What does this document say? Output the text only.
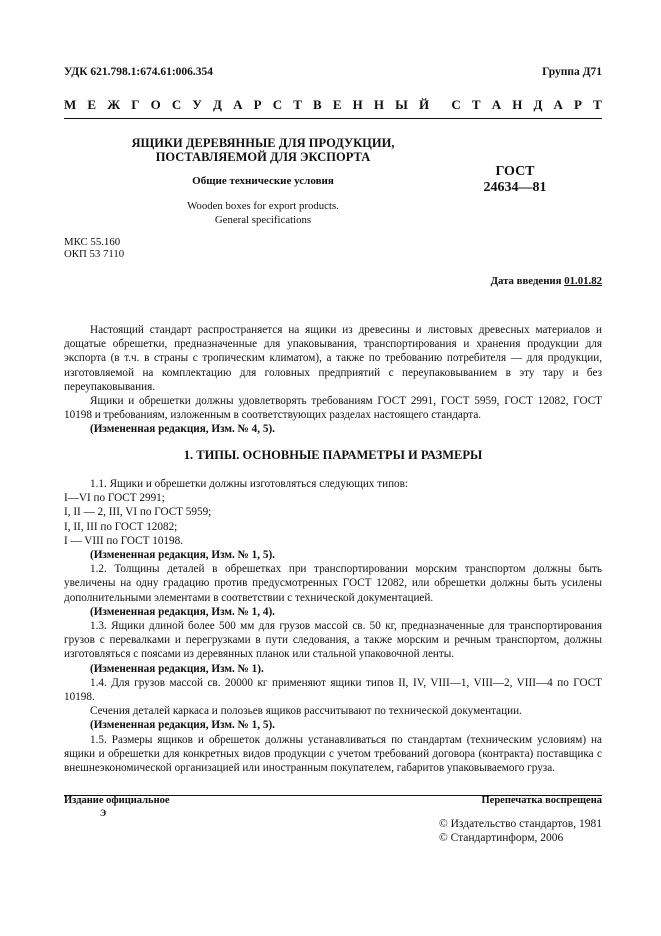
УДК 621.798.1:674.61:006.354	Группа Д71
М Е Ж Г О С У Д А Р С Т В Е Н Н Ы Й С Т А Н Д А Р Т
ЯЩИКИ ДЕРЕВЯННЫЕ ДЛЯ ПРОДУКЦИИ,
ПОСТАВЛЯЕМОЙ ДЛЯ ЭКСПОРТА
Общие технические условия
Wooden boxes for export products.
General specifications
ГОСТ
24634—81
МКС 55.160
ОКП 53 7110
Дата введения 01.01.82

Настоящий стандарт распространяется на ящики из древесины и листовых древесных материалов и дощатые обрешетки, предназначенные для упаковывания, транспортирования и хранения продукции для экспорта (в т.ч. в страны с тропическим климатом), а также по требованию потребителя — для продукции, изготовляемой на комплектацию для головных предприятий с переупаковыванием в эту тару и без переупаковывания.

Ящики и обрешетки должны удовлетворять требованиям ГОСТ 2991, ГОСТ 5959, ГОСТ 12082, ГОСТ 10198 и требованиям, изложенным в соответствующих разделах настоящего стандарта.

(Измененная редакция, Изм. № 4, 5).

1. ТИПЫ. ОСНОВНЫЕ ПАРАМЕТРЫ И РАЗМЕРЫ

1.1. Ящики и обрешетки должны изготовляться следующих типов:

I—VI по ГОСТ 2991;

I, II — 2, III, VI по ГОСТ 5959;

I, II, III по ГОСТ 12082;

I — VIII по ГОСТ 10198.

(Измененная редакция, Изм. № 1, 5).

1.2. Толщины деталей в обрешетках при транспортировании морским транспортом должны быть увеличены на одну градацию против предусмотренных ГОСТ 12082, или обрешетки должны быть усилены дополнительными элементами в соответствии с технической документацией.

(Измененная редакция, Изм. № 1, 4).

1.3. Ящики длиной более 500 мм для грузов массой св. 50 кг, предназначенные для транспортирования грузов с перевалками и перегрузками в пути следования, а также морским и речным транспортом, должны изготовляться с поясами из деревянных планок или стальной упаковочной ленты.

(Измененная редакция, Изм. № 1).

1.4. Для грузов массой св. 20000 кг применяют ящики типов II, IV, VIII—1, VIII—2, VIII—4 по ГОСТ 10198.

Сечения деталей каркаса и полозьев ящиков рассчитывают по технической документации.

(Измененная редакция, Изм. № 1, 5).

1.5. Размеры ящиков и обрешеток должны устанавливаться по стандартам (техническим условиям) на ящики и обрешетки для конкретных видов продукции с учетом требований договора (контракта) поставщика с внешнеэкономической организацией или иностранным покупателем, габаритов упаковываемого груза.

Издание официальное
Э
Перепечатка воспрещена
© Издательство стандартов, 1981
© Стандартинформ, 2006
